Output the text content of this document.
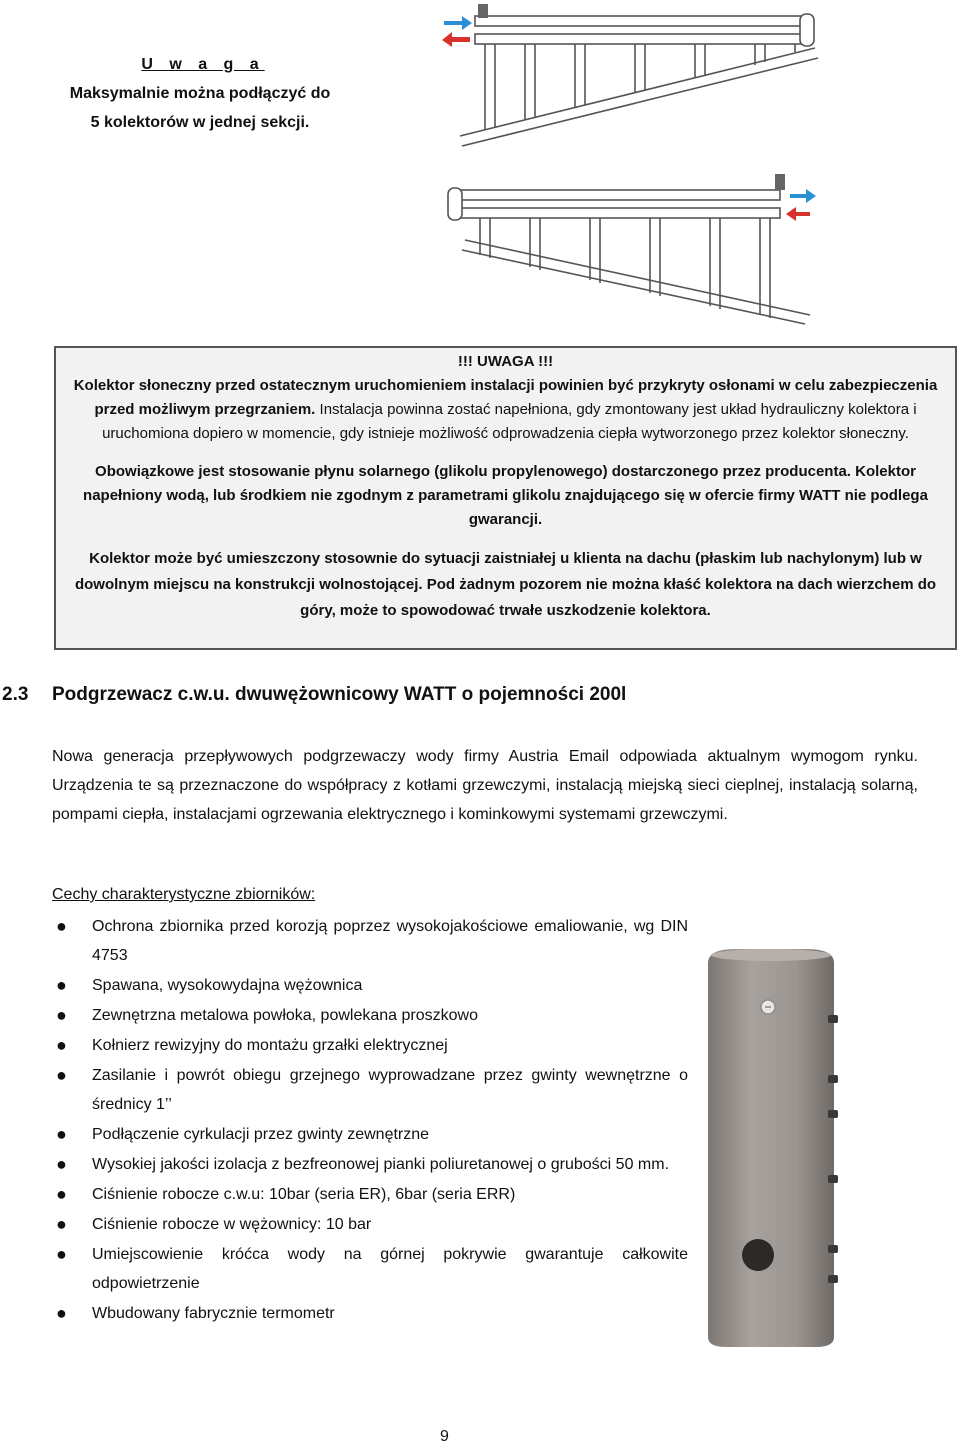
U w a g a
Maksymalnie można podłączyć do
5 kolektorów w jednej sekcji.

!!! UWAGA !!!

Kolektor słoneczny przed ostatecznym uruchomieniem instalacji powinien być przykryty osłonami w celu zabezpieczenia przed możliwym przegrzaniem. Instalacja powinna zostać napełniona, gdy zmontowany jest układ hydrauliczny kolektora i uruchomiona dopiero w momencie, gdy istnieje możliwość odprowadzenia ciepła wytworzonego przez kolektor słoneczny.

Obowiązkowe jest stosowanie płynu solarnego (glikolu propylenowego) dostarczonego przez producenta. Kolektor napełniony wodą, lub środkiem nie zgodnym z parametrami glikolu znajdującego się w ofercie firmy WATT nie podlega gwarancji.

Kolektor może być umieszczony stosownie do sytuacji zaistniałej u klienta na dachu (płaskim lub nachylonym) lub w dowolnym miejscu na konstrukcji wolnostojącej. Pod żadnym pozorem nie można kłaść kolektora na dach wierzchem do góry, może to spowodować trwałe uszkodzenie kolektora.

2.3 Podgrzewacz c.w.u. dwuwężownicowy WATT o pojemności 200l

Nowa generacja przepływowych podgrzewaczy wody firmy Austria Email odpowiada aktualnym wymogom rynku. Urządzenia te są przeznaczone do współpracy z kotłami grzewczymi, instalacją miejską sieci cieplnej, instalacją solarną, pompami ciepła, instalacjami ogrzewania elektrycznego i kominkowymi systemami grzewczymi.

Cechy charakterystyczne zbiorników:

● Ochrona zbiornika przed korozją poprzez wysokojakościowe emaliowanie, wg DIN 4753
● Spawana, wysokowydajna wężownica
● Zewnętrzna metalowa powłoka, powlekana proszkowo
● Kołnierz rewizyjny do montażu grzałki elektrycznej
● Zasilanie i powrót obiegu grzejnego wyprowadzane przez gwinty wewnętrzne o średnicy 1’’
● Podłączenie cyrkulacji przez gwinty zewnętrzne
● Wysokiej jakości izolacja z bezfreonowej pianki poliuretanowej o grubości 50 mm.
● Ciśnienie robocze c.w.u: 10bar (seria ER), 6bar (seria ERR)
● Ciśnienie robocze w wężownicy: 10 bar
● Umiejscowienie króćca wody na górnej pokrywie gwarantuje całkowite odpowietrzenie
● Wbudowany fabrycznie termometr
9
